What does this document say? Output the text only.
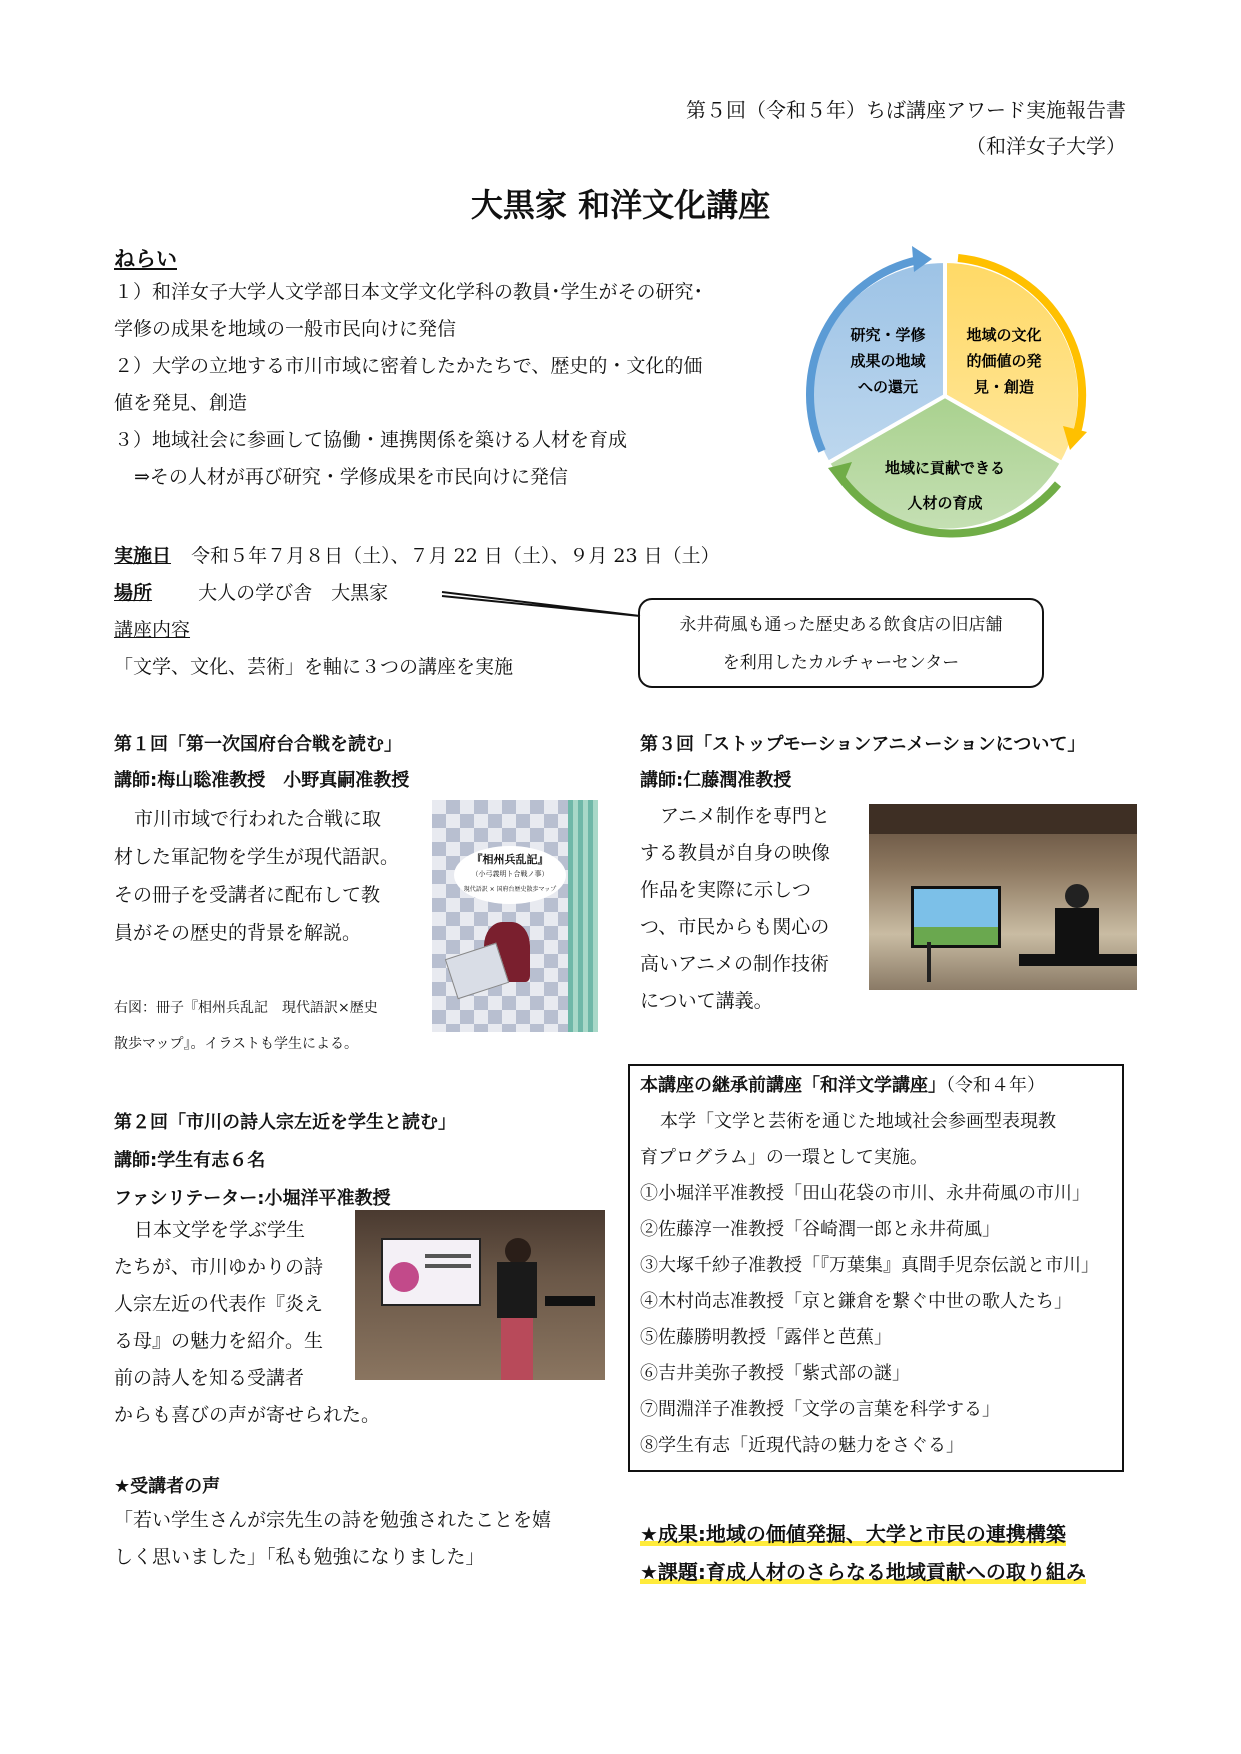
第５回（令和５年）ちば講座アワード実施報告書
（和洋女子大学）
大黒家 和洋文化講座
ねらい
１）和洋女子大学人文学部日本文学文化学科の教員･学生がその研究･
学修の成果を地域の一般市民向けに発信
２）大学の立地する市川市域に密着したかたちで、歴史的・文化的価
値を発見、創造
３）地域社会に参画して協働・連携関係を築ける人材を育成
⇒その人材が再び研究・学修成果を市民向けに発信
研究・学修
成果の地域
への還元
地域の文化
的価値の発
見・創造
地域に貢献できる
人材の育成
実施日 令和５年７月８日（土）、７月 22 日（土）、９月 23 日（土）
場所 大人の学び舎　大黒家
講座内容
「文学、文化、芸術」を軸に３つの講座を実施
永井荷風も通った歴史ある飲食店の旧店舗
を利用したカルチャーセンター
第１回「第一次国府台合戦を読む」
講師:梅山聡准教授　小野真嗣准教授
市川市域で行われた合戦に取
材した軍記物を学生が現代語訳。
その冊子を受講者に配布して教
員がその歴史的背景を解説。
右図：冊子『相州兵乱記　現代語訳×歴史
散歩マップ』。イラストも学生による。
『相州兵乱記』
（小弓義明ト合戦ノ事）
現代語訳 × 国府台歴史散歩マップ
第２回「市川の詩人宗左近を学生と読む」
講師:学生有志６名
ファシリテーター:小堀洋平准教授
日本文学を学ぶ学生
たちが、市川ゆかりの詩
人宗左近の代表作『炎え
る母』の魅力を紹介。生
前の詩人を知る受講者
からも喜びの声が寄せられた。
★受講者の声
「若い学生さんが宗先生の詩を勉強されたことを嬉
しく思いました」「私も勉強になりました」
第３回「ストップモーションアニメーションについて」
講師:仁藤潤准教授
アニメ制作を専門と
する教員が自身の映像
作品を実際に示しつ
つ、市民からも関心の
高いアニメの制作技術
について講義。
本講座の継承前講座「和洋文学講座」（令和４年）
本学「文学と芸術を通じた地域社会参画型表現教
育プログラム」の一環として実施。
①小堀洋平准教授「田山花袋の市川、永井荷風の市川」
②佐藤淳一准教授「谷崎潤一郎と永井荷風」
③大塚千紗子准教授「『万葉集』真間手児奈伝説と市川」
④木村尚志准教授「京と鎌倉を繋ぐ中世の歌人たち」
⑤佐藤勝明教授「露伴と芭蕉」
⑥吉井美弥子教授「紫式部の謎」
⑦間淵洋子准教授「文学の言葉を科学する」
⑧学生有志「近現代詩の魅力をさぐる」
★成果:地域の価値発掘、大学と市民の連携構築
★課題:育成人材のさらなる地域貢献への取り組み
